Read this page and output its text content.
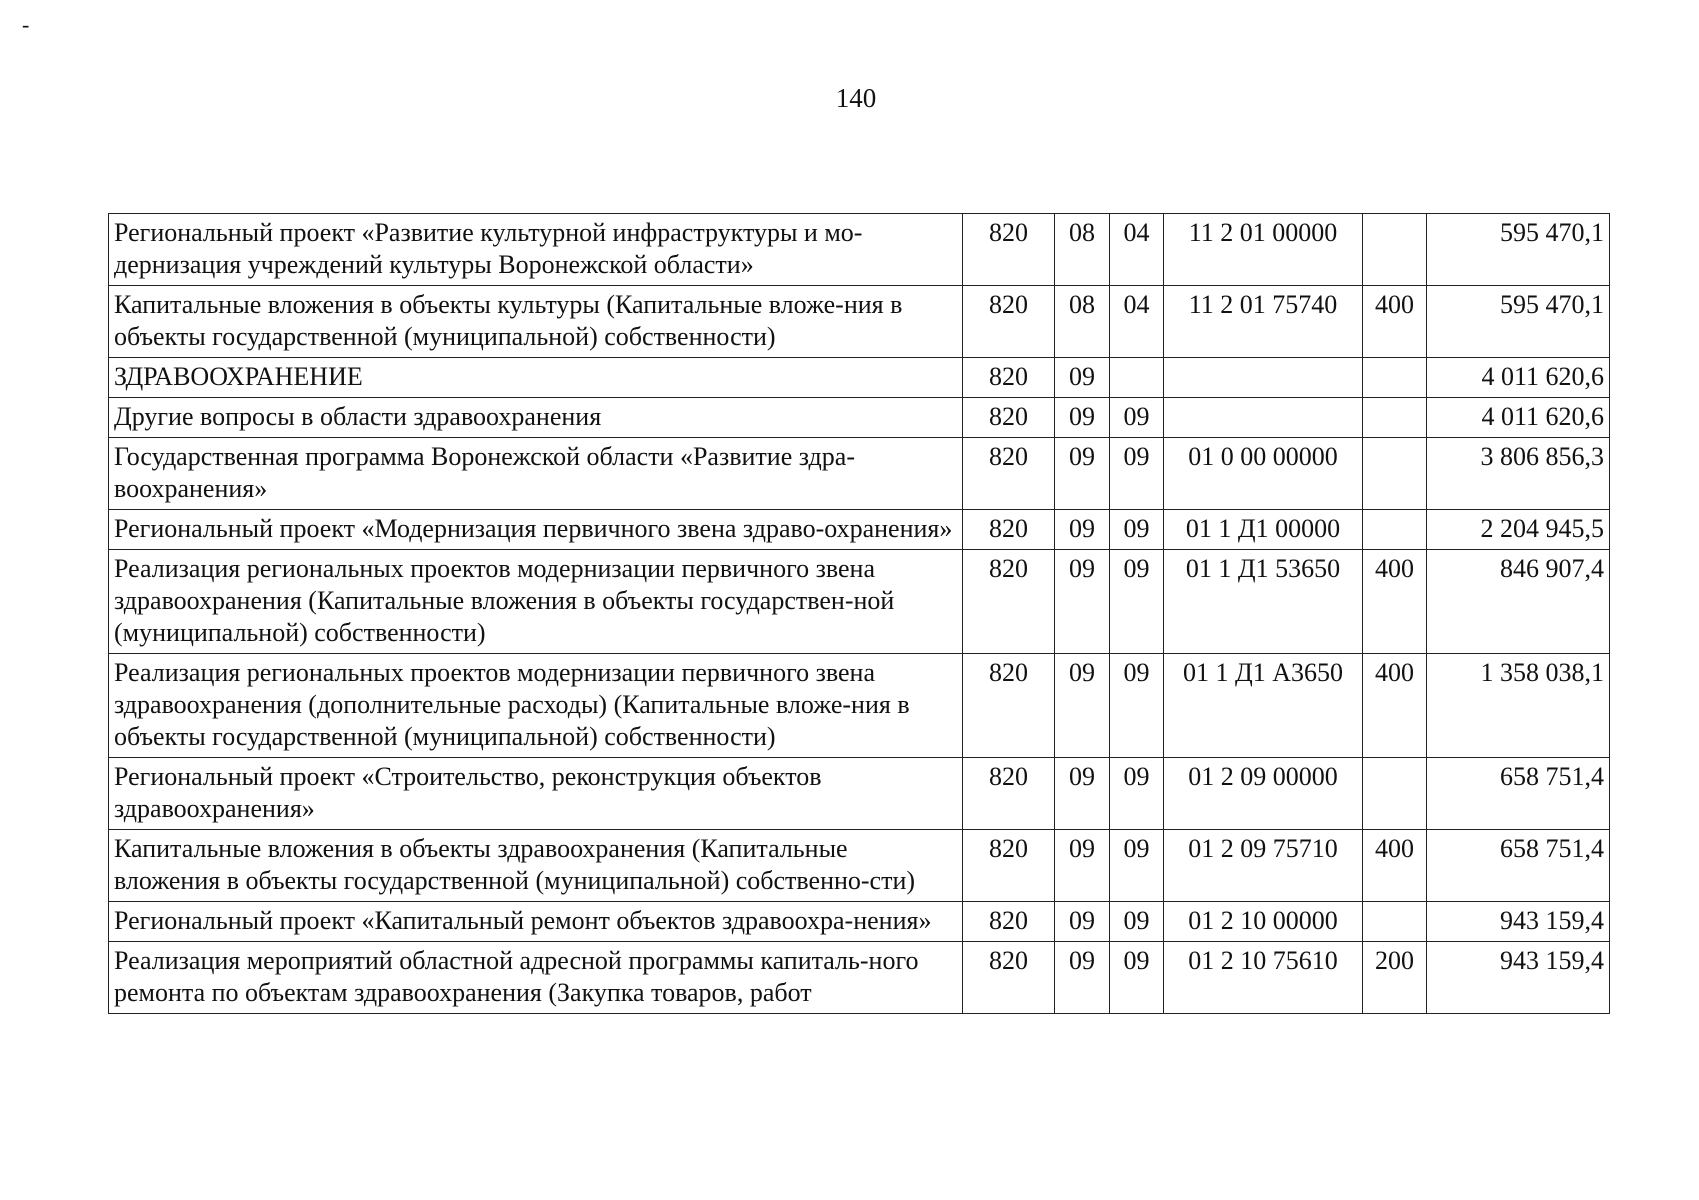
-
140
Региональный проект «Развитие культурной инфраструктуры и мо-дернизация учреждений культуры Воронежской области»	820	08	04	11 2 01 00000		595 470,1
Капитальные вложения в объекты культуры (Капитальные вложе-ния в объекты государственной (муниципальной) собственности)	820	08	04	11 2 01 75740	400	595 470,1
ЗДРАВООХРАНЕНИЕ	820	09				4 011 620,6
Другие вопросы в области здравоохранения	820	09	09			4 011 620,6
Государственная программа Воронежской области «Развитие здра-воохранения»	820	09	09	01 0 00 00000		3 806 856,3
Региональный проект «Модернизация первичного звена здраво-охранения»	820	09	09	01 1 Д1 00000		2 204 945,5
Реализация региональных проектов модернизации первичного звена здравоохранения (Капитальные вложения в объекты государствен-ной (муниципальной) собственности)	820	09	09	01 1 Д1 53650	400	846 907,4
Реализация региональных проектов модернизации первичного звена здравоохранения (дополнительные расходы) (Капитальные вложе-ния в объекты государственной (муниципальной) собственности)	820	09	09	01 1 Д1 А3650	400	1 358 038,1
Региональный проект «Строительство, реконструкция объектов здравоохранения»	820	09	09	01 2 09 00000		658 751,4
Капитальные вложения в объекты здравоохранения (Капитальные вложения в объекты государственной (муниципальной) собственно-сти)	820	09	09	01 2 09 75710	400	658 751,4
Региональный проект «Капитальный ремонт объектов здравоохра-нения»	820	09	09	01 2 10 00000		943 159,4
Реализация мероприятий областной адресной программы капиталь-ного ремонта по объектам здравоохранения (Закупка товаров, работ	820	09	09	01 2 10 75610	200	943 159,4
